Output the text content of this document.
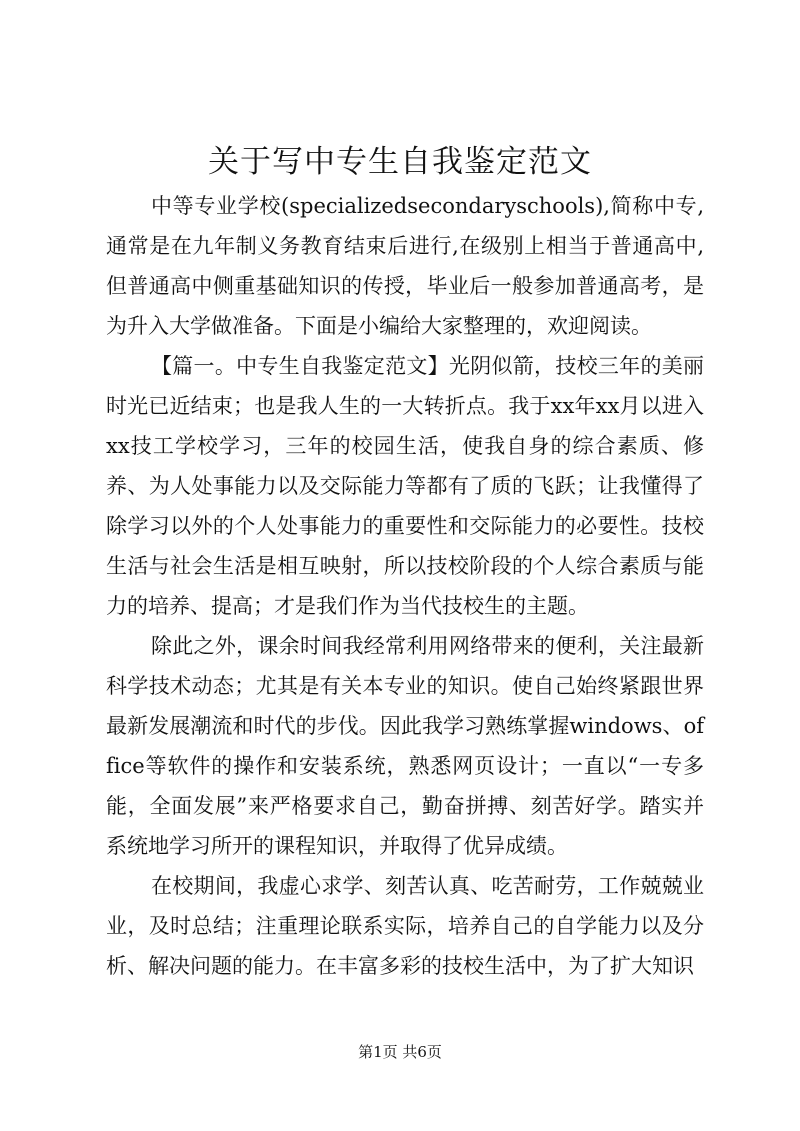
关于写中专生自我鉴定范文

中等专业学校(specializedsecondaryschools),简称中专,通常是在九年制义务教育结束后进行,在级别上相当于普通高中,但普通高中侧重基础知识的传授，毕业后一般参加普通高考，是为升入大学做准备。下面是小编给大家整理的，欢迎阅读。

【篇一。中专生自我鉴定范文】光阴似箭，技校三年的美丽时光已近结束；也是我人生的一大转折点。我于xx年xx月以进入xx技工学校学习，三年的校园生活，使我自身的综合素质、修养、为人处事能力以及交际能力等都有了质的飞跃；让我懂得了除学习以外的个人处事能力的重要性和交际能力的必要性。技校生活与社会生活是相互映射，所以技校阶段的个人综合素质与能力的培养、提高；才是我们作为当代技校生的主题。

除此之外，课余时间我经常利用网络带来的便利，关注最新科学技术动态；尤其是有关本专业的知识。使自己始终紧跟世界最新发展潮流和时代的步伐。因此我学习熟练掌握windows、office等软件的操作和安装系统，熟悉网页设计；一直以“一专多能，全面发展”来严格要求自己，勤奋拼搏、刻苦好学。踏实并系统地学习所开的课程知识，并取得了优异成绩。

在校期间，我虚心求学、刻苦认真、吃苦耐劳，工作兢兢业业，及时总结；注重理论联系实际，培养自己的自学能力以及分析、解决问题的能力。在丰富多彩的技校生活中，为了扩大知识

第1页 共6页
